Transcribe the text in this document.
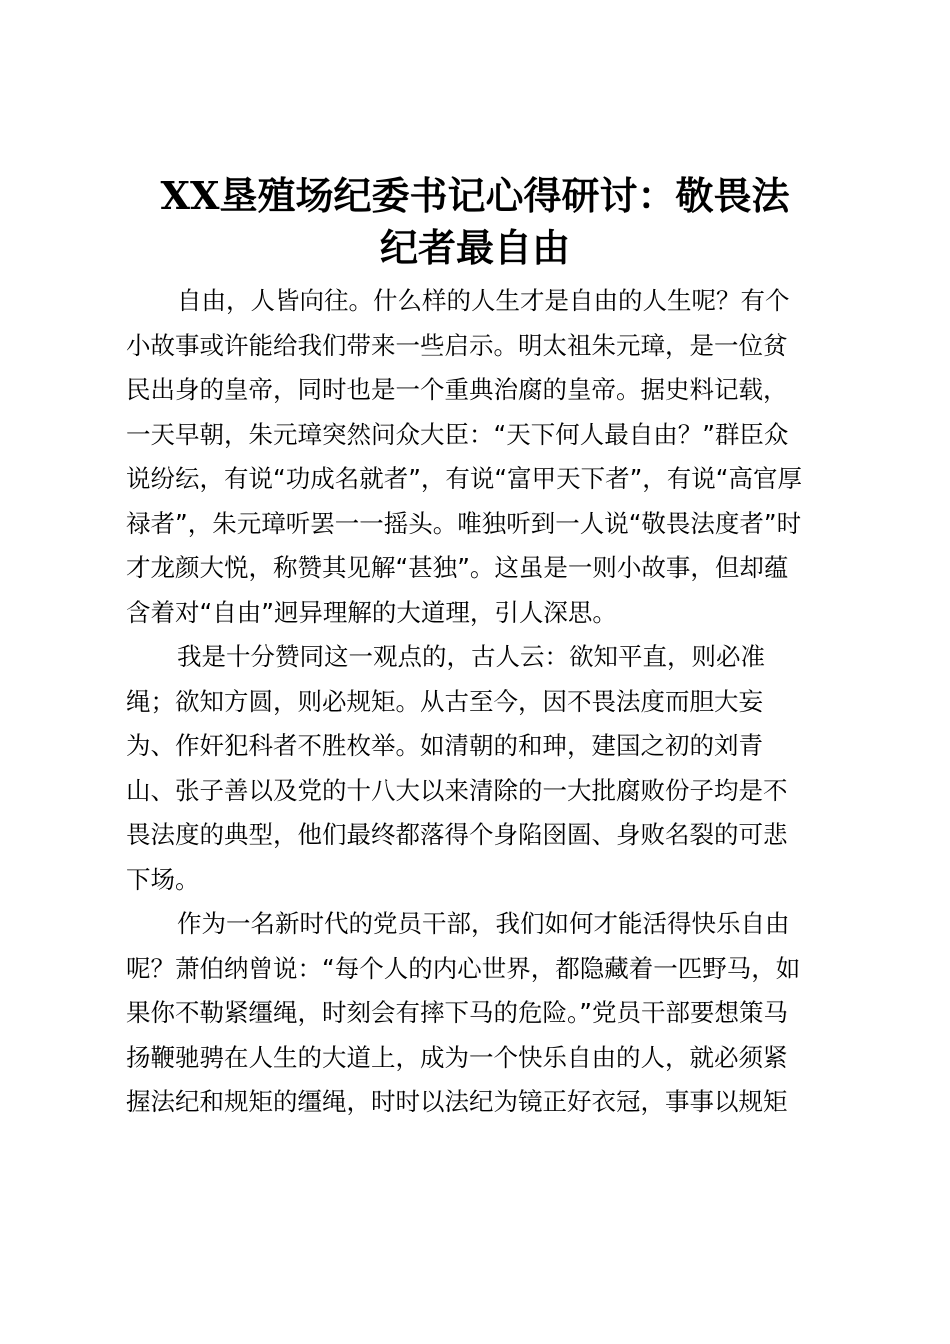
XX垦殖场纪委书记心得研讨：敬畏法
纪者最自由

自由，人皆向往。什么样的人生才是自由的人生呢？有个
小故事或许能给我们带来一些启示。明太祖朱元璋，是一位贫
民出身的皇帝，同时也是一个重典治腐的皇帝。据史料记载，
一天早朝，朱元璋突然问众大臣：“天下何人最自由？”群臣众
说纷纭，有说“功成名就者”，有说“富甲天下者”，有说“高官厚
禄者”，朱元璋听罢一一摇头。唯独听到一人说“敬畏法度者”时
才龙颜大悦，称赞其见解“甚独”。这虽是一则小故事，但却蕴
含着对“自由”迥异理解的大道理，引人深思。

我是十分赞同这一观点的，古人云：欲知平直，则必准
绳；欲知方圆，则必规矩。从古至今，因不畏法度而胆大妄
为、作奸犯科者不胜枚举。如清朝的和珅，建国之初的刘青
山、张子善以及党的十八大以来清除的一大批腐败份子均是不
畏法度的典型，他们最终都落得个身陷囹圄、身败名裂的可悲
下场。

作为一名新时代的党员干部，我们如何才能活得快乐自由
呢？萧伯纳曾说：“每个人的内心世界，都隐藏着一匹野马，如
果你不勒紧缰绳，时刻会有摔下马的危险。”党员干部要想策马
扬鞭驰骋在人生的大道上，成为一个快乐自由的人，就必须紧
握法纪和规矩的缰绳，时时以法纪为镜正好衣冠，事事以规矩
